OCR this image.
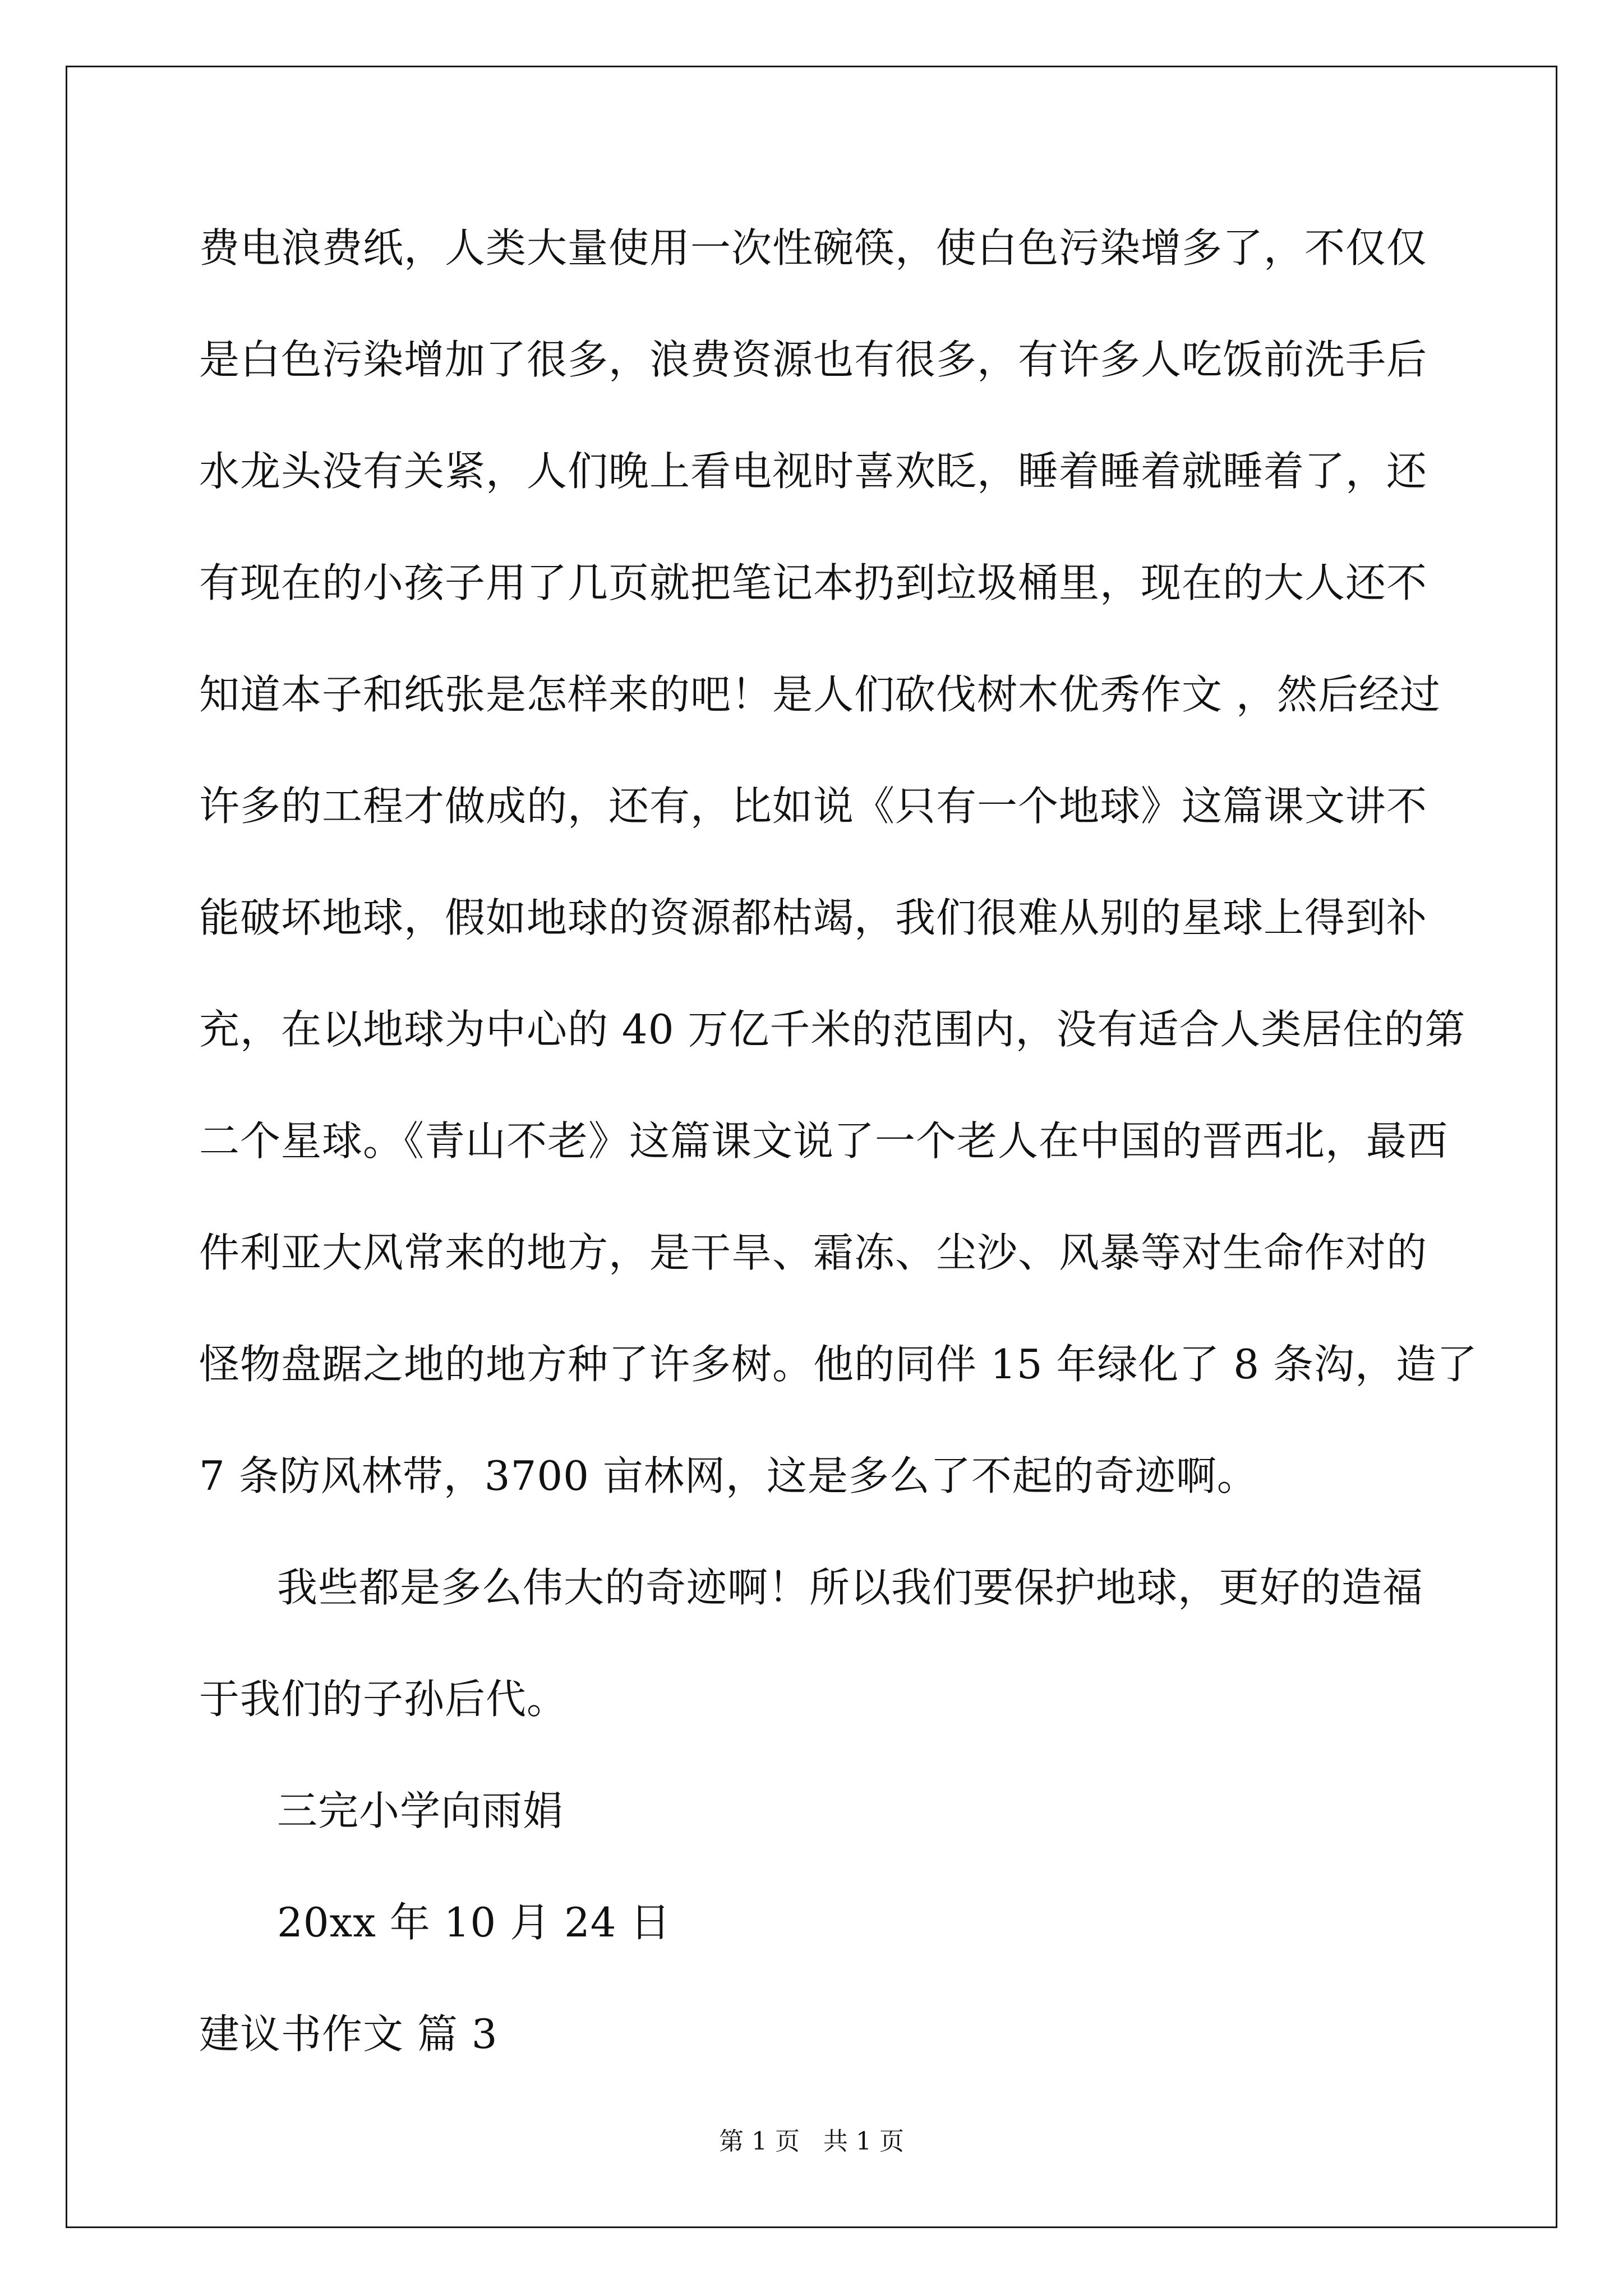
费电浪费纸，人类大量使用一次性碗筷，使白色污染增多了，不仅仅
是白色污染增加了很多，浪费资源也有很多，有许多人吃饭前洗手后
水龙头没有关紧，人们晚上看电视时喜欢眨，睡着睡着就睡着了，还
有现在的小孩子用了几页就把笔记本扔到垃圾桶里，现在的大人还不
知道本子和纸张是怎样来的吧！是人们砍伐树木优秀作文 ，然后经过
许多的工程才做成的，还有，比如说《只有一个地球》这篇课文讲不
能破坏地球，假如地球的资源都枯竭，我们很难从别的星球上得到补
充，在以地球为中心的 40 万亿千米的范围内，没有适合人类居住的第
二个星球。《青山不老》这篇课文说了一个老人在中国的晋西北，最西
件利亚大风常来的地方，是干旱、霜冻、尘沙、风暴等对生命作对的
怪物盘踞之地的地方种了许多树。他的同伴 15 年绿化了 8 条沟，造了
7 条防风林带，3700 亩林网，这是多么了不起的奇迹啊。
我些都是多么伟大的奇迹啊！所以我们要保护地球，更好的造福
于我们的子孙后代。
三完小学向雨娟
20xx 年 10 月 24 日
建议书作文 篇 3
第 1 页   共 1 页
